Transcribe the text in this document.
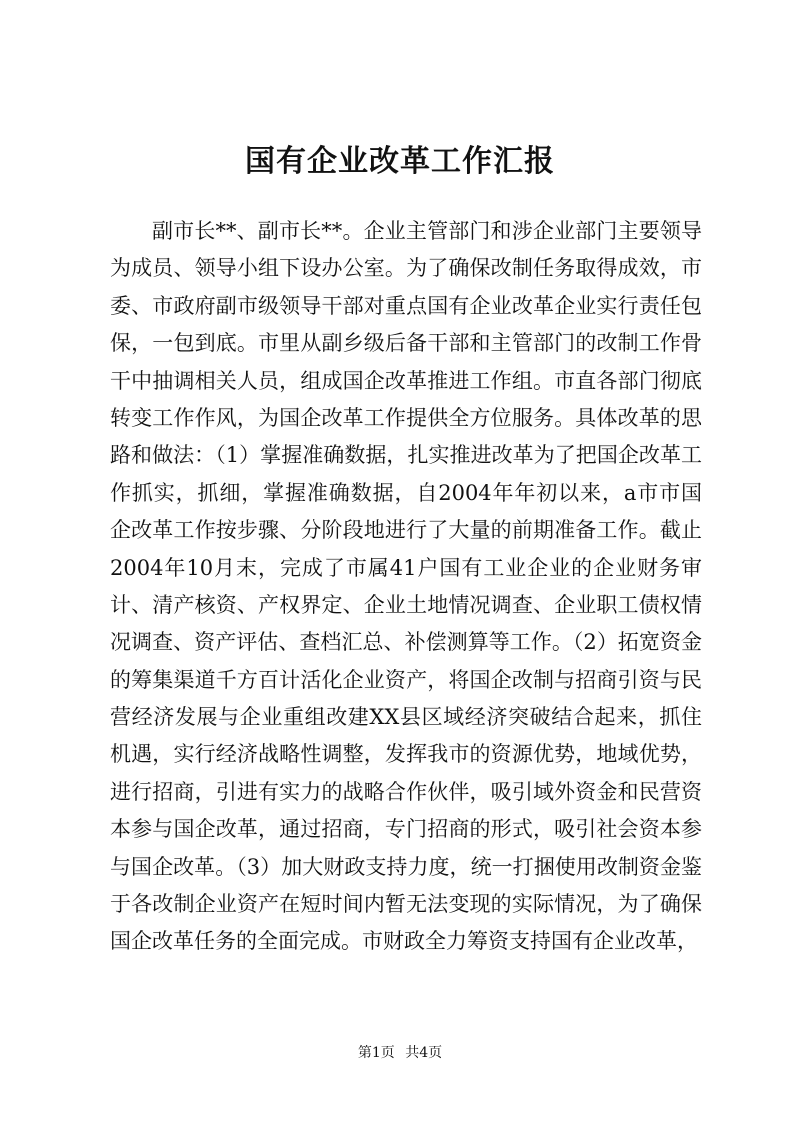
国有企业改革工作汇报
副市长**、副市长**。企业主管部门和涉企业部门主要领导
为成员、领导小组下设办公室。为了确保改制任务取得成效，市
委、市政府副市级领导干部对重点国有企业改革企业实行责任包
保，一包到底。市里从副乡级后备干部和主管部门的改制工作骨
干中抽调相关人员，组成国企改革推进工作组。市直各部门彻底
转变工作作风，为国企改革工作提供全方位服务。具体改革的思
路和做法：（1）掌握准确数据，扎实推进改革为了把国企改革工
作抓实，抓细，掌握准确数据，自2004年年初以来，a市市国
企改革工作按步骤、分阶段地进行了大量的前期准备工作。截止
2004年10月末，完成了市属41户国有工业企业的企业财务审
计、清产核资、产权界定、企业土地情况调查、企业职工债权情
况调查、资产评估、查档汇总、补偿测算等工作。（2）拓宽资金
的筹集渠道千方百计活化企业资产，将国企改制与招商引资与民
营经济发展与企业重组改建XX县区域经济突破结合起来，抓住
机遇，实行经济战略性调整，发挥我市的资源优势，地域优势，
进行招商，引进有实力的战略合作伙伴，吸引域外资金和民营资
本参与国企改革，通过招商，专门招商的形式，吸引社会资本参
与国企改革。（3）加大财政支持力度，统一打捆使用改制资金鉴
于各改制企业资产在短时间内暂无法变现的实际情况，为了确保
国企改革任务的全面完成。市财政全力筹资支持国有企业改革，
第1页 共4页
